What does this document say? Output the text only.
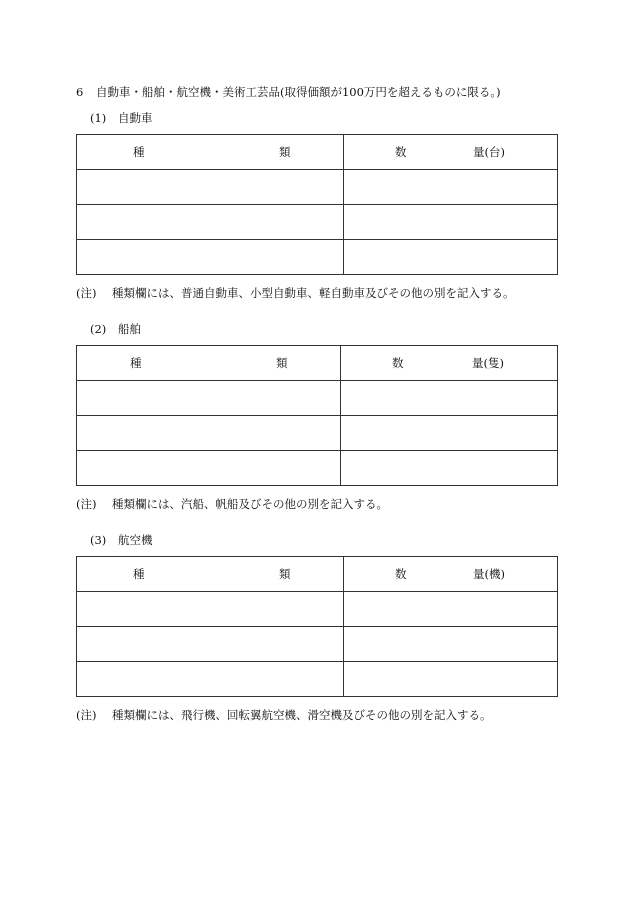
6 自動車・船舶・航空機・美術工芸品(取得価額が100万円を超えるものに限る。)
(1) 自動車
種 類	数 量(台)

(注) 種類欄には、普通自動車、小型自動車、軽自動車及びその他の別を記入する。
(2) 船舶
種 類	数 量(隻)

(注) 種類欄には、汽船、帆船及びその他の別を記入する。
(3) 航空機
種 類	数 量(機)

(注) 種類欄には、飛行機、回転翼航空機、滑空機及びその他の別を記入する。
